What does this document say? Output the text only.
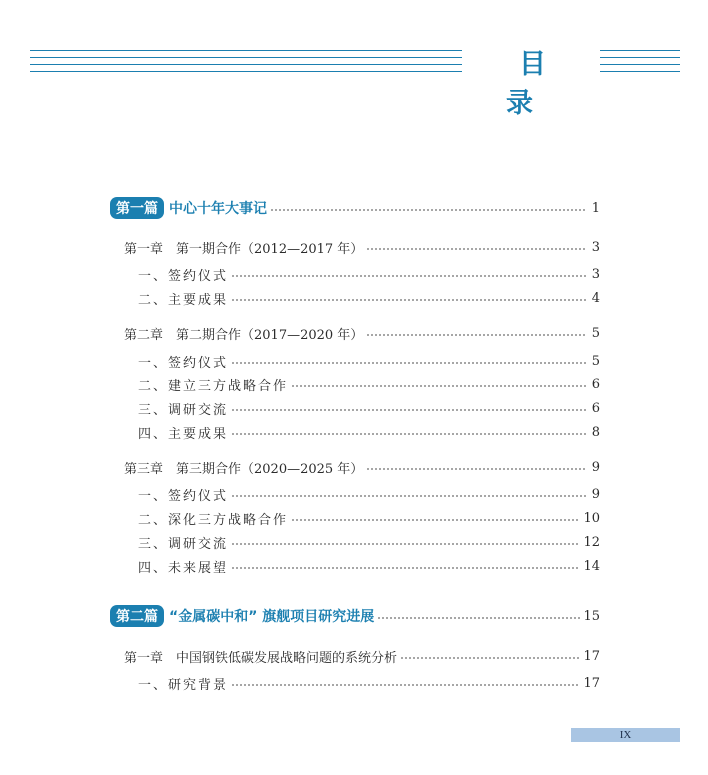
目 录
第一篇 中心十年大事记	1
第一章　第一期合作（2012—2017 年）	3
一、签约仪式	3
二、主要成果	4
第二章　第二期合作（2017—2020 年）	5
一、签约仪式	5
二、建立三方战略合作	6
三、调研交流	6
四、主要成果	8
第三章　第三期合作（2020—2025 年）	9
一、签约仪式	9
二、深化三方战略合作	10
三、调研交流	12
四、未来展望	14
第二篇 “金属碳中和” 旗舰项目研究进展	15
第一章　中国钢铁低碳发展战略问题的系统分析	17
一、研究背景	17
IX
